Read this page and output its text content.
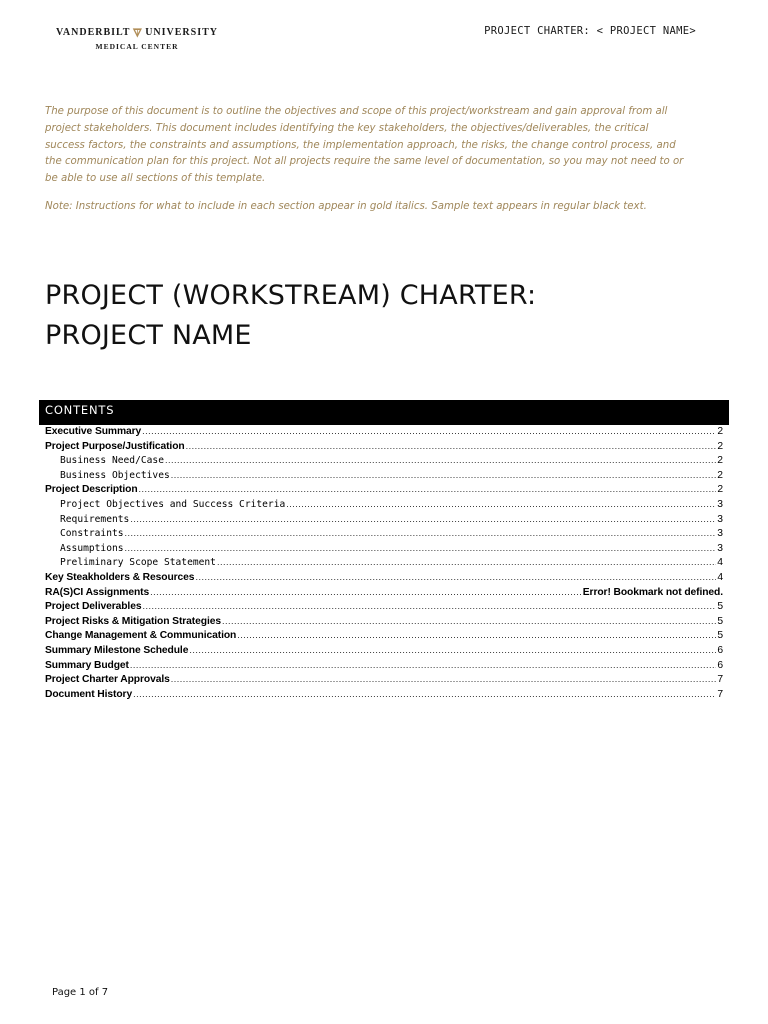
VANDERBILT UNIVERSITY
MEDICAL CENTER
PROJECT CHARTER: < PROJECT NAME>
The purpose of this document is to outline the objectives and scope of this project/workstream and gain approval from all project stakeholders. This document includes identifying the key stakeholders, the objectives/deliverables, the critical success factors, the constraints and assumptions, the implementation approach, the risks, the change control process, and the communication plan for this project. Not all projects require the same level of documentation, so you may not need to or be able to use all sections of this template.
Note: Instructions for what to include in each section appear in gold italics. Sample text appears in regular black text.
PROJECT (WORKSTREAM) CHARTER:
PROJECT NAME
CONTENTS
Executive Summary .....	2
Project Purpose/Justification .....	2
Business Need/Case .....	2
Business Objectives .....	2
Project Description .....	2
Project Objectives and Success Criteria .....	3
Requirements .....	3
Constraints .....	3
Assumptions .....	3
Preliminary Scope Statement .....	4
Key Steakholders & Resources .....	4
RA(S)CI Assignments .....	Error! Bookmark not defined.
Project Deliverables .....	5
Project Risks & Mitigation Strategies .....	5
Change Management & Communication .....	5
Summary Milestone Schedule .....	6
Summary Budget .....	6
Project Charter Approvals .....	7
Document History .....	7
Page 1 of 7
